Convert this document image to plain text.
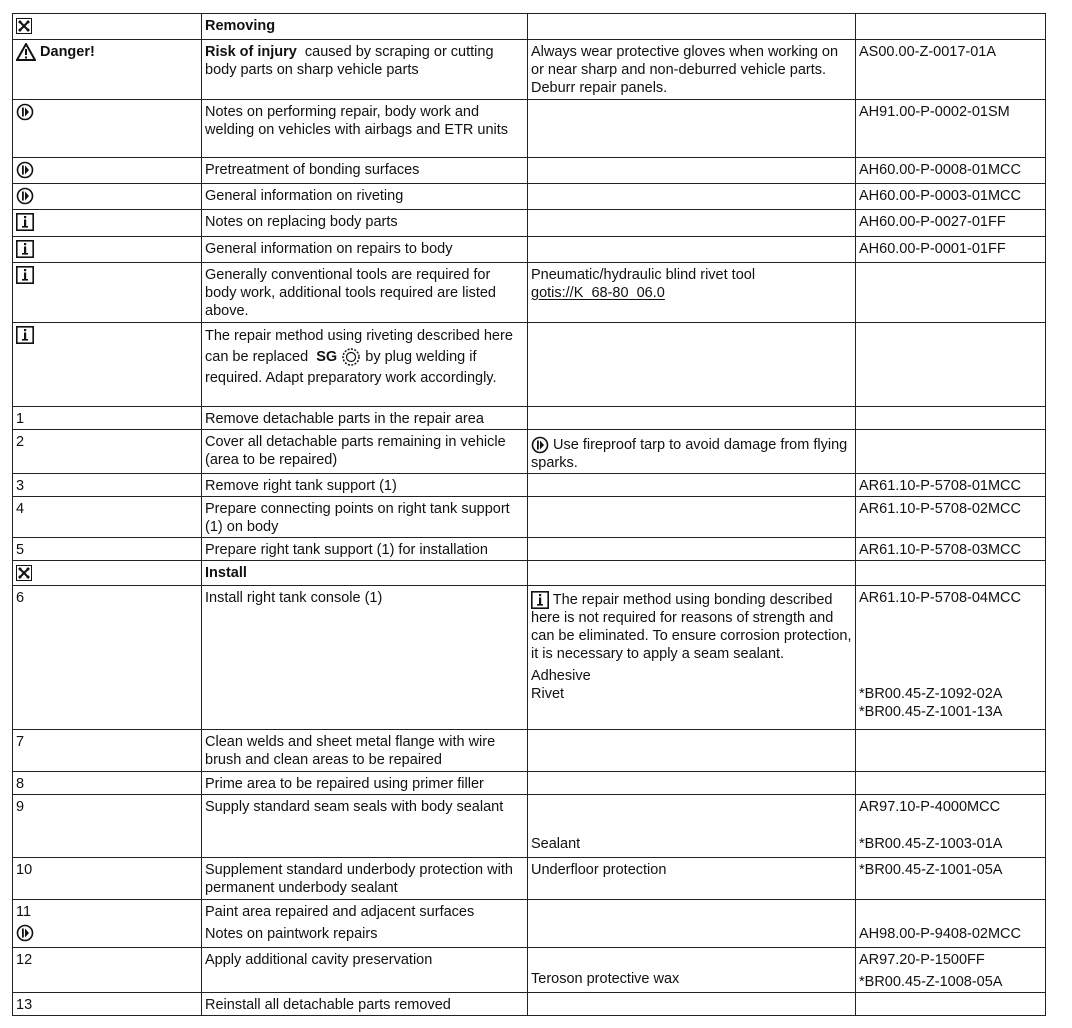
	Removing		
Danger!	Risk of injury caused by scraping or cutting body parts on sharp vehicle parts	Always wear protective gloves when working on or near sharp and non-deburred vehicle parts. Deburr repair panels.	AS00.00-Z-0017-01A
	Notes on performing repair, body work and welding on vehicles with airbags and ETR units		AH91.00-P-0002-01SM
	Pretreatment of bonding surfaces		AH60.00-P-0008-01MCC
	General information on riveting		AH60.00-P-0003-01MCC
	Notes on replacing body parts		AH60.00-P-0027-01FF
	General information on repairs to body		AH60.00-P-0001-01FF
	Generally conventional tools are required for body work, additional tools required are listed above.	Pneumatic/hydraulic blind rivet tool
gotis://K_68-80_06.0	
	The repair method using riveting described here can be replaced SG by plug welding if required. Adapt preparatory work accordingly.		
1	Remove detachable parts in the repair area		
2	Cover all detachable parts remaining in vehicle (area to be repaired)	Use fireproof tarp to avoid damage from flying sparks.	
3	Remove right tank support (1)		AR61.10-P-5708-01MCC
4	Prepare connecting points on right tank support (1) on body		AR61.10-P-5708-02MCC
5	Prepare right tank support (1) for installation		AR61.10-P-5708-03MCC
	Install		
6	Install right tank console (1)	The repair method using bonding described here is not required for reasons of strength and can be eliminated. To ensure corrosion protection, it is necessary to apply a seam sealant.
Adhesive
Rivet	AR61.10-P-5708-04MCC
*BR00.45-Z-1092-02A
*BR00.45-Z-1001-13A

7	Clean welds and sheet metal flange with wire brush and clean areas to be repaired		
8	Prime area to be repaired using primer filler		
9	Supply standard seam seals with body sealant	Sealant	AR97.10-P-4000MCC
*BR00.45-Z-1003-01A

10	Supplement standard underbody protection with permanent underbody sealant	Underfloor protection	*BR00.45-Z-1001-05A

11	Paint area repaired and adjacent surfaces
Notes on paintwork repairs		AH98.00-P-9408-02MCC

12	Apply additional cavity preservation	Teroson protective wax	AR97.20-P-1500FF
*BR00.45-Z-1008-05A

13	Reinstall all detachable parts removed		
